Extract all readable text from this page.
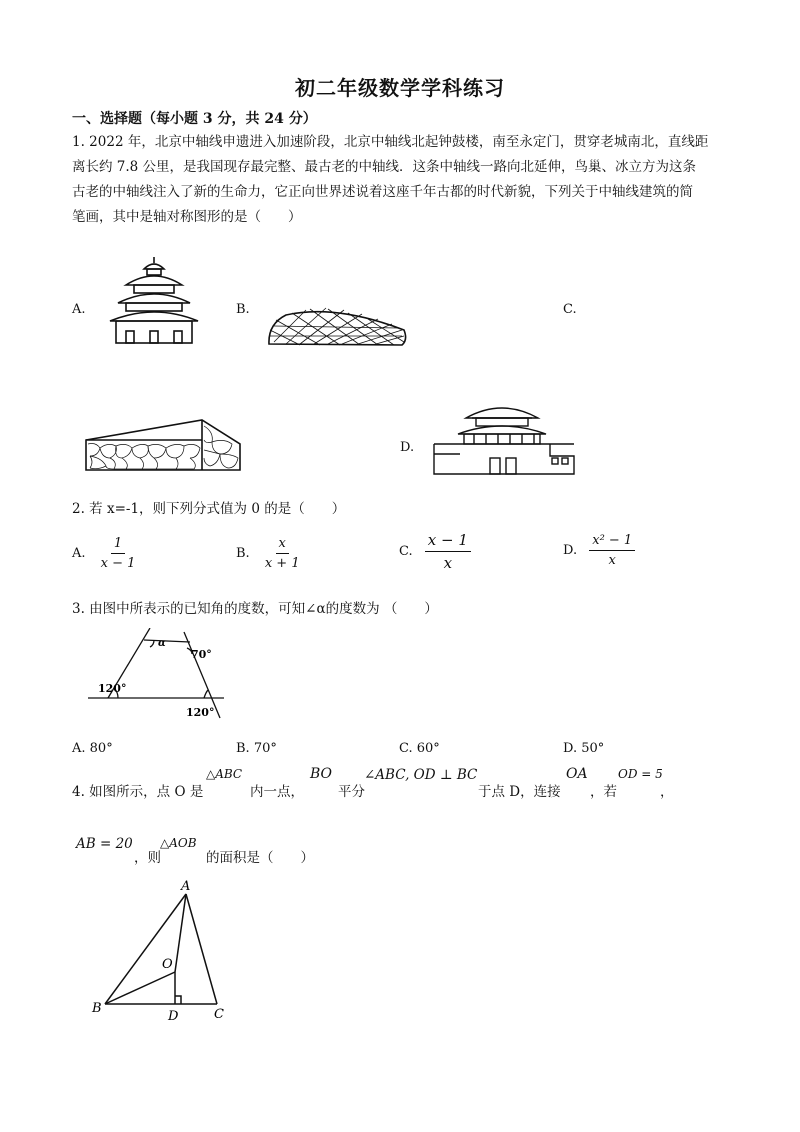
初二年级数学学科练习
一、选择题（每小题 3 分，共 24 分）
1. 2022 年，北京中轴线申遗进入加速阶段，北京中轴线北起钟鼓楼，南至永定门，贯穿老城南北，直线距
离长约 7.8 公里，是我国现存最完整、最古老的中轴线．这条中轴线一路向北延伸，鸟巢、冰立方为这条
古老的中轴线注入了新的生命力，它正向世界述说着这座千年古都的时代新貌，下列关于中轴线建筑的简
笔画，其中是轴对称图形的是（　　）
A.	B.	C.
D.
2. 若 x=-1，则下列分式值为 0 的是（　　）
A. $\frac{1}{x - 1}$	B. $\frac{x}{x + 1}$	C. $\frac{x - 1}{x}$	D. $\frac{\text{x² − 1}}{x}$
3. 由图中所表示的已知角的度数，可知∠α的度数为 （　　）
α
70°
120°
120°
A. 80°	B. 70°	C. 60°	D. 50°
4. 如图所示，点 O 是
△ABC
内一点，
BO
平分
∠ABC, OD ⊥ BC
于点 D，连接
OA
，若
OD = 5
，
AB = 20
，则
△AOB
的面积是（　　）
A
B	C
D
O
